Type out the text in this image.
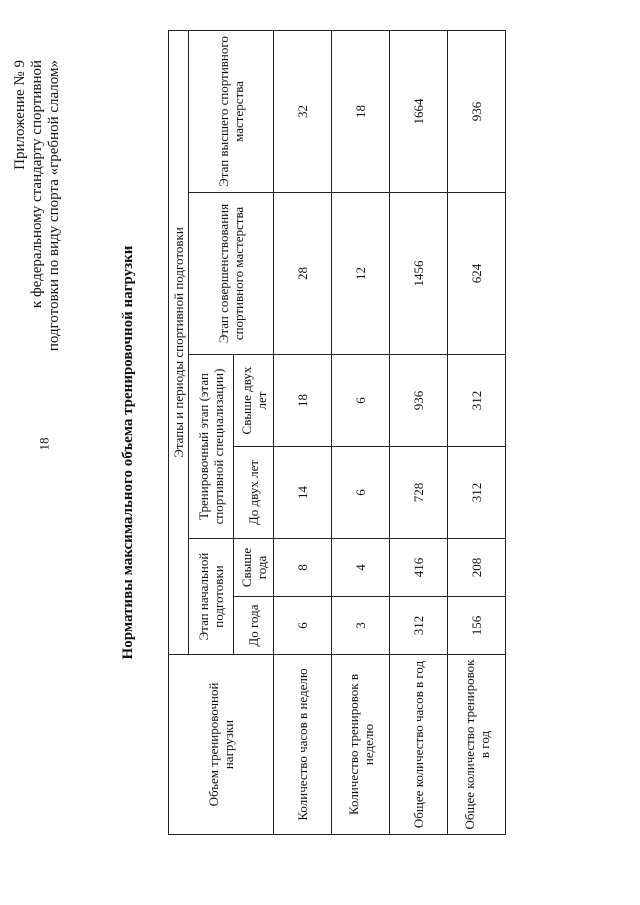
18
Приложение № 9 к федеральному стандарту спортивной подготовки по виду спорта «гребной слалом»
Нормативы максимального объема тренировочной нагрузки
Объем тренировочной нагрузки	Этапы и периоды спортивной подготовки					
	Этап начальной подготовки		Тренировочный этап (этап спортивной специализации)		Этап совершенствования спортивного мастерства	Этап высшего спортивного мастерства
	До года	Свыше года	До двух лет	Свыше двух лет		
Количество часов в неделю	6	8	14	18	28	32
Количество тренировок в неделю	3	4	6	6	12	18
Общее количество часов в год	312	416	728	936	1456	1664
Общее количество тренировок в год	156	208	312	312	624	936
